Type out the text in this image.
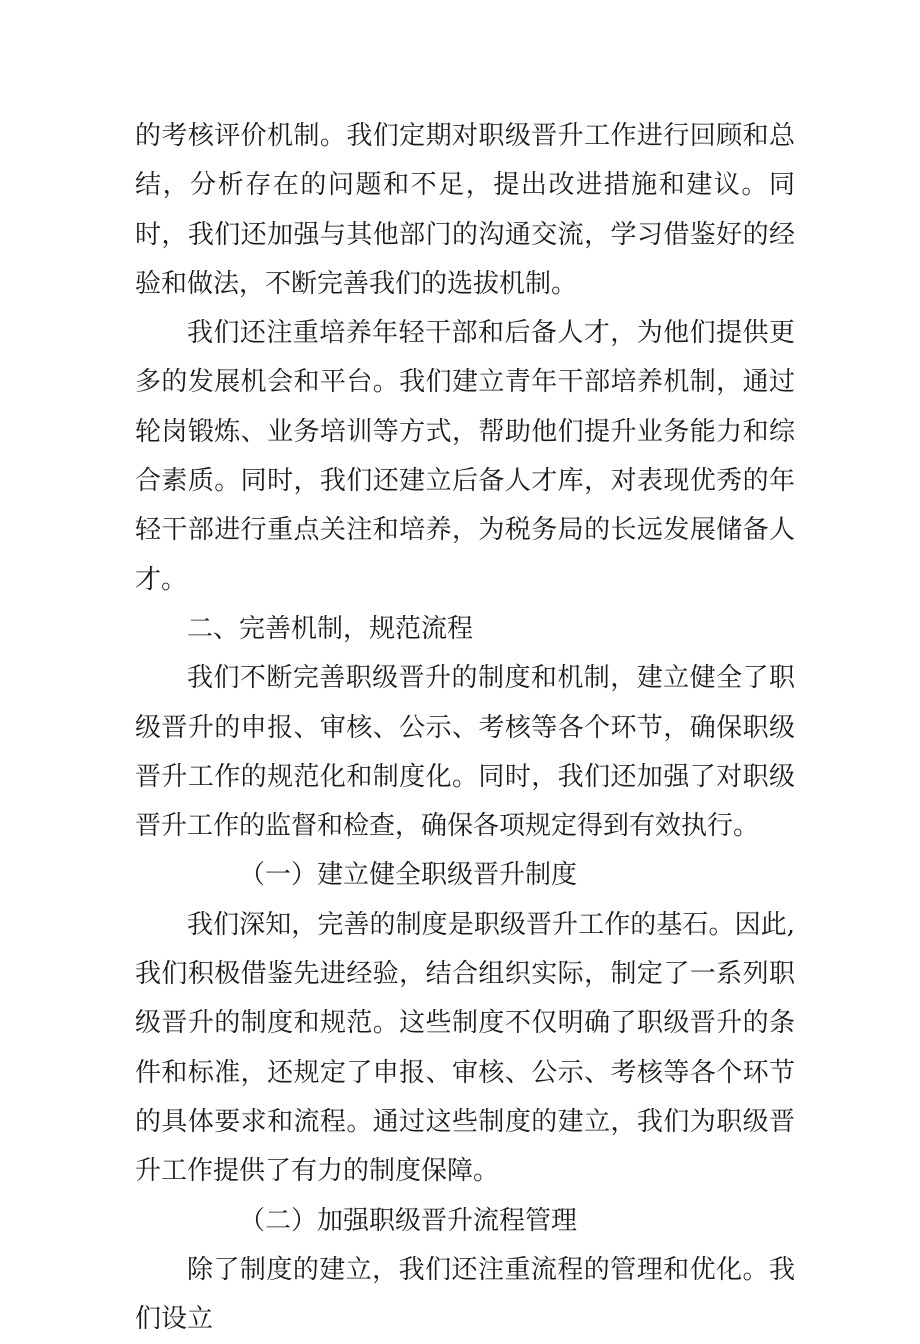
的考核评价机制。我们定期对职级晋升工作进行回顾和总结，分析存在的问题和不足，提出改进措施和建议。同时，我们还加强与其他部门的沟通交流，学习借鉴好的经验和做法，不断完善我们的选拔机制。

我们还注重培养年轻干部和后备人才，为他们提供更多的发展机会和平台。我们建立青年干部培养机制，通过轮岗锻炼、业务培训等方式，帮助他们提升业务能力和综合素质。同时，我们还建立后备人才库，对表现优秀的年轻干部进行重点关注和培养，为税务局的长远发展储备人才。

二、完善机制，规范流程

我们不断完善职级晋升的制度和机制，建立健全了职级晋升的申报、审核、公示、考核等各个环节，确保职级晋升工作的规范化和制度化。同时，我们还加强了对职级晋升工作的监督和检查，确保各项规定得到有效执行。

（一）建立健全职级晋升制度

我们深知，完善的制度是职级晋升工作的基石。因此,我们积极借鉴先进经验，结合组织实际，制定了一系列职级晋升的制度和规范。这些制度不仅明确了职级晋升的条件和标准，还规定了申报、审核、公示、考核等各个环节的具体要求和流程。通过这些制度的建立，我们为职级晋升工作提供了有力的制度保障。

（二）加强职级晋升流程管理

除了制度的建立，我们还注重流程的管理和优化。我们设立
